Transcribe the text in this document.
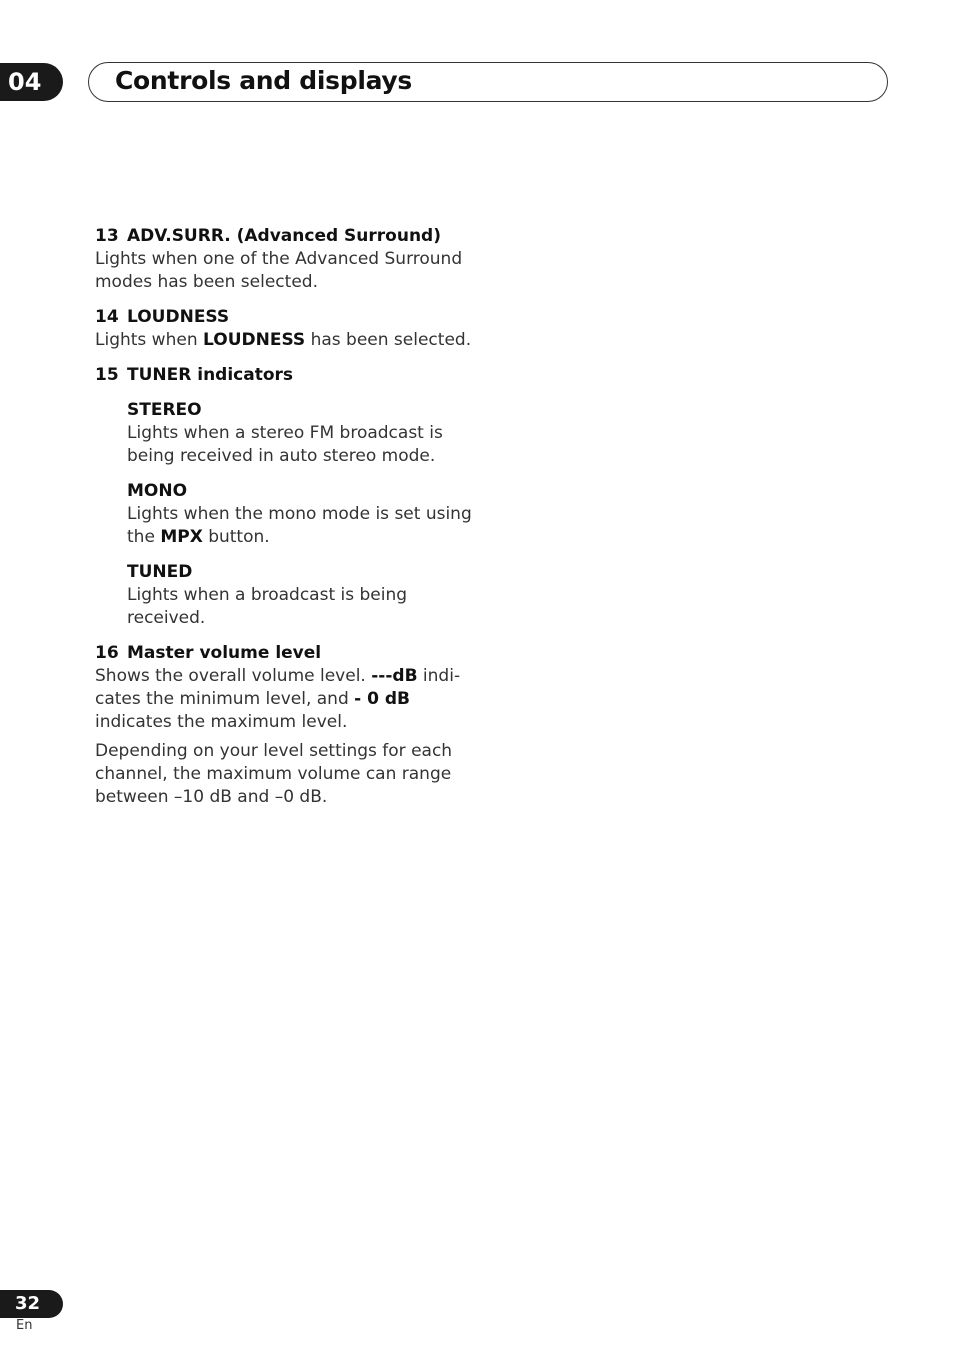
04	Controls and displays

13 ADV.SURR. (Advanced Surround)

Lights when one of the Advanced Surround modes has been selected.

14 LOUDNESS

Lights when LOUDNESS has been selected.

15 TUNER indicators

STEREO

Lights when a stereo FM broadcast is being received in auto stereo mode.

MONO

Lights when the mono mode is set using the MPX button.

TUNED

Lights when a broadcast is being received.

16 Master volume level

Shows the overall volume level. ---dB indi-cates the minimum level, and - 0 dB indicates the maximum level.

Depending on your level settings for each channel, the maximum volume can range between –10 dB and –0 dB.

32
En
